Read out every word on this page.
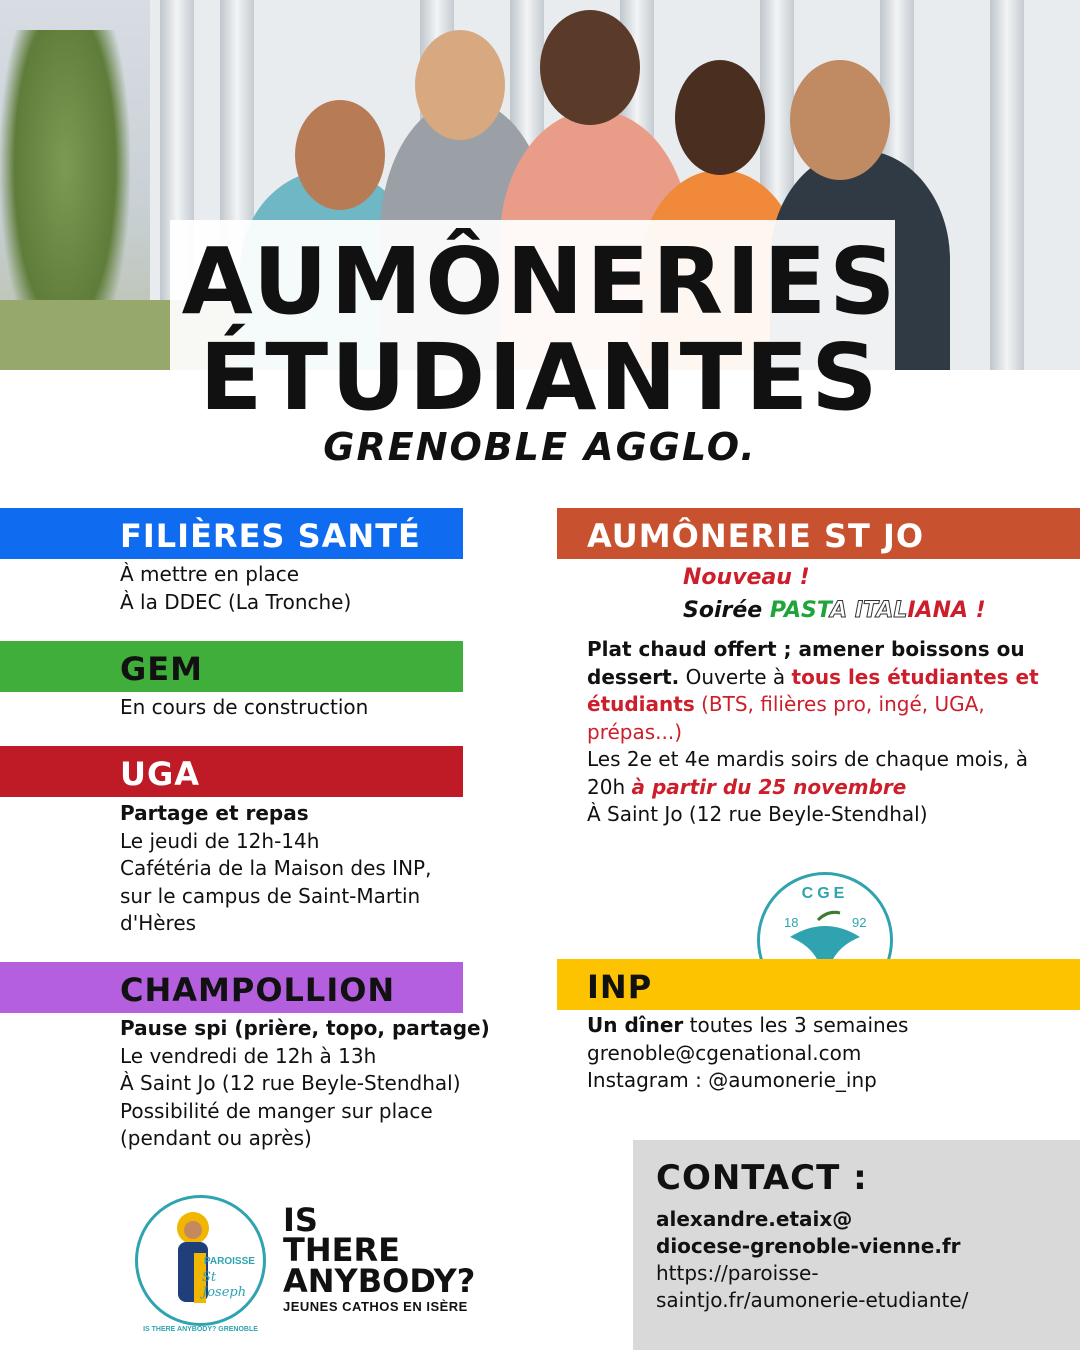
AUMÔNERIES
ÉTUDIANTES
GRENOBLE AGGLO.
FILIÈRES SANTÉ
À mettre en place
À la DDEC (La Tronche)
GEM
En cours de construction
UGA
Partage et repas
Le jeudi de 12h-14h
Cafétéria de la Maison des INP,
sur le campus de Saint-Martin
d'Hères
CHAMPOLLION
Pause spi (prière, topo, partage)
Le vendredi de 12h à 13h
À Saint Jo (12 rue Beyle-Stendhal)
Possibilité de manger sur place
(pendant ou après)
AUMÔNERIE ST JO
Nouveau !
Soirée PASTA ITALIANA !
Plat chaud offert ; amener boissons ou dessert. Ouverte à tous les étudiantes et étudiants (BTS, filières pro, ingé, UGA, prépas...)
Les 2e et 4e mardis soirs de chaque mois, à 20h à partir du 25 novembre
À Saint Jo (12 rue Beyle-Stendhal)
CGE
18	92
INP
Un dîner toutes les 3 semaines
grenoble@cgenational.com
Instagram : @aumonerie_inp
CONTACT :
alexandre.etaix@
diocese-grenoble-vienne.fr
https://paroisse-
saintjo.fr/aumonerie-etudiante/
PAROISSE
St Joseph
IS THERE ANYBODY? GRENOBLE
IS
THERE
ANYBODY?
JEUNES CATHOS EN ISÈRE
